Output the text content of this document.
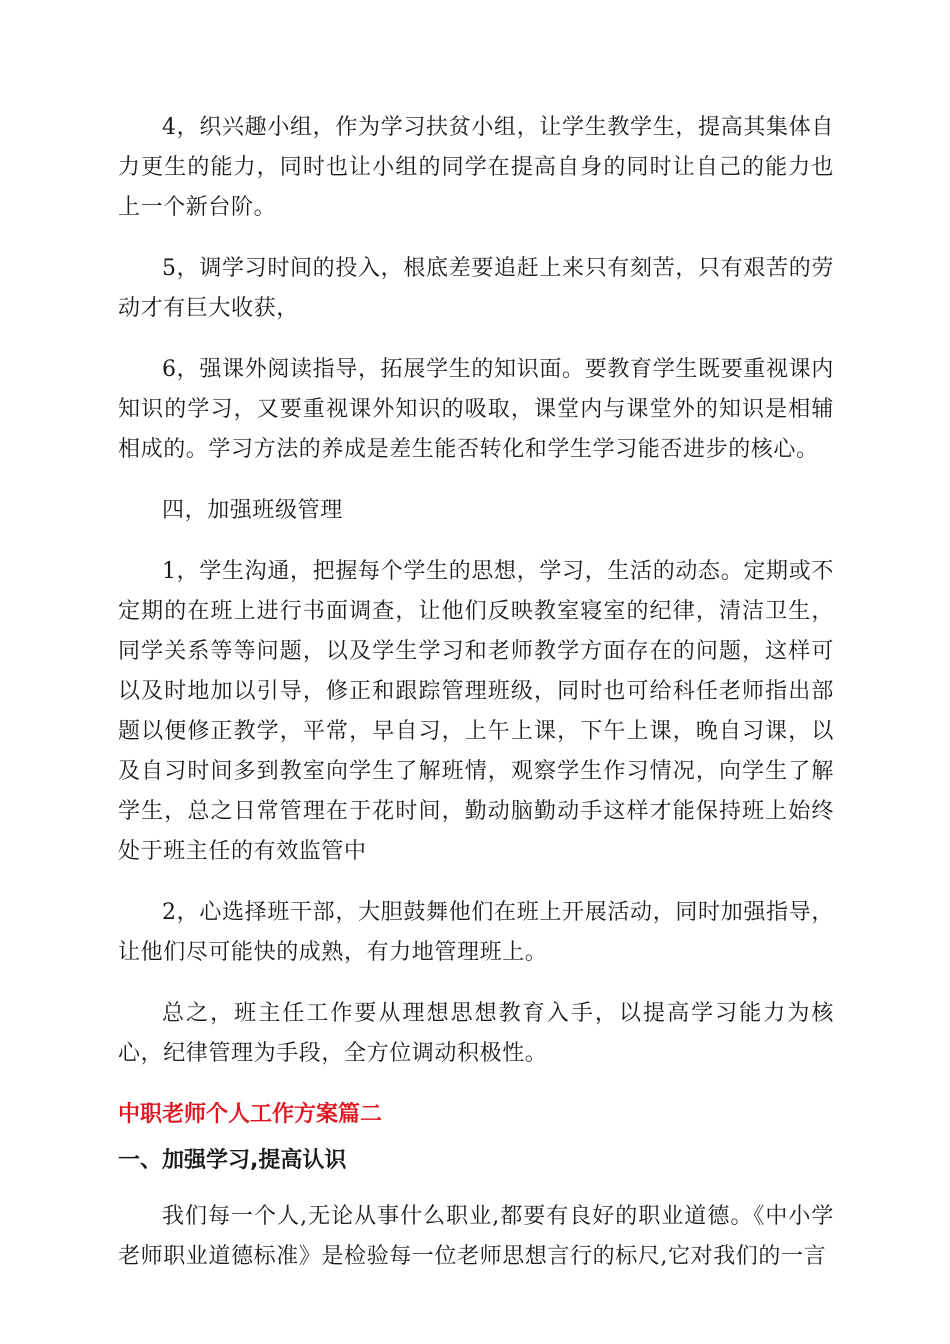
4，织兴趣小组，作为学习扶贫小组，让学生教学生，提高其集体自力更生的能力，同时也让小组的同学在提高自身的同时让自己的能力也上一个新台阶。

5，调学习时间的投入，根底差要追赶上来只有刻苦，只有艰苦的劳动才有巨大收获，

6，强课外阅读指导，拓展学生的知识面。要教育学生既要重视课内知识的学习，又要重视课外知识的吸取，课堂内与课堂外的知识是相辅相成的。学习方法的养成是差生能否转化和学生学习能否进步的核心。

四，加强班级管理

1，学生沟通，把握每个学生的思想，学习，生活的动态。定期或不定期的在班上进行书面调查，让他们反映教室寝室的纪律，清洁卫生，同学关系等等问题，以及学生学习和老师教学方面存在的问题，这样可以及时地加以引导，修正和跟踪管理班级，同时也可给科任老师指出部题以便修正教学，平常，早自习，上午上课，下午上课，晚自习课，以及自习时间多到教室向学生了解班情，观察学生作习情况，向学生了解学生，总之日常管理在于花时间，勤动脑勤动手这样才能保持班上始终处于班主任的有效监管中

2，心选择班干部，大胆鼓舞他们在班上开展活动，同时加强指导，让他们尽可能快的成熟，有力地管理班上。

总之，班主任工作要从理想思想教育入手，以提高学习能力为核心，纪律管理为手段，全方位调动积极性。

中职老师个人工作方案篇二

一、加强学习,提高认识

我们每一个人,无论从事什么职业,都要有良好的职业道德。《中小学老师职业道德标准》是检验每一位老师思想言行的标尺,它对我们的一言
